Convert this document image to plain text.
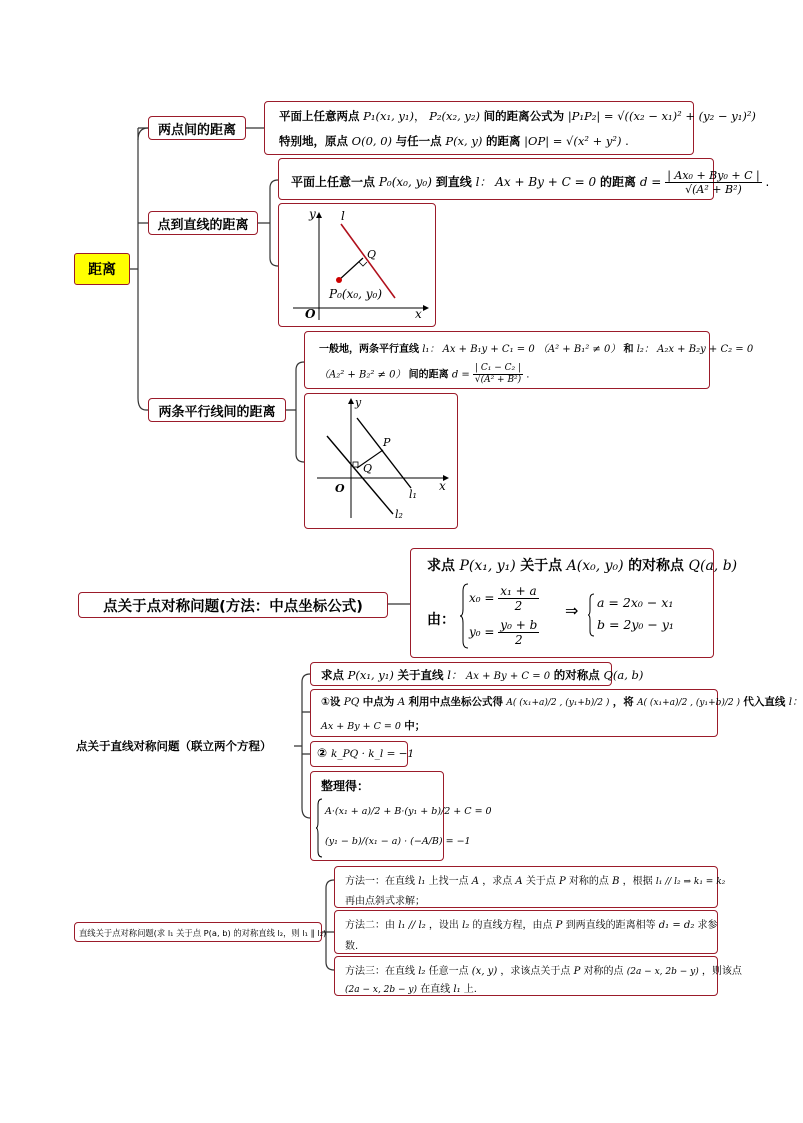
距离
两点间的距离
平面上任意两点 P₁(x₁, y₁)， P₂(x₂, y₂) 间的距离公式为 |P₁P₂| = √((x₂ − x₁)² + (y₂ − y₁)²)
特别地，原点 O(0, 0) 与任一点 P(x, y) 的距离 |OP| = √(x² + y²) .
点到直线的距离
平面上任意一点 P₀(x₀, y₀) 到直线 l： Ax + By + C = 0 的距离 $d = \frac{\text{| Ax₀ + By₀ + C |}}{\text{√(A² + B²)}}$ .
y
x
O
l
Q
P₀(x₀, y₀)
两条平行线间的距离
一般地，两条平行直线 l₁： Ax + B₁y + C₁ = 0 （A² + B₁² ≠ 0） 和 l₂： A₂x + B₂y + C₂ = 0
（A₂² + B₂² ≠ 0） 间的距离 $d = \frac{\text{| C₁ − C₂ |}}{\text{√(A² + B²)}}$ .
y
x
O
P
Q
l₁
l₂
点关于点对称问题(方法：中点坐标公式)
求点 P(x₁, y₁) 关于点 A(x₀, y₀) 的对称点 Q(a, b)
由：
$x_0 = \frac{\text{x₁ + a}}{2}$
$y_0 = \frac{\text{y₀ + b}}{2}$
⇒ a = 2x₀ − x₁
b = 2y₀ − y₁
点关于直线对称问题（联立两个方程）
求点 P(x₁, y₁) 关于直线 l： Ax + By + C = 0 的对称点 Q(a, b)
①设 PQ 中点为 A 利用中点坐标公式得 A( (x₁+a)/2 , (y₁+b)/2 ) ，将 A( (x₁+a)/2 , (y₁+b)/2 ) 代入直线 l：
Ax + By + C = 0 中；
② k_PQ · k_l = −1
整理得：
A·(x₁ + a)/2 + B·(y₁ + b)/2 + C = 0
(y₁ − b)/(x₁ − a) · (−A/B) = −1
直线关于点对称问题(求 l₁ 关于点 P(a, b) 的对称直线 l₂，则 l₁ ∥ l₂)
方法一：在直线 l₁ 上找一点 A ，求点 A 关于点 P 对称的点 B ，根据 l₁ // l₂ ⇒ k₁ = k₂
再由点斜式求解；
方法二：由 l₁ // l₂ ，设出 l₂ 的直线方程，由点 P 到两直线的距离相等 d₁ = d₂ 求参
数.
方法三：在直线 l₂ 任意一点 (x, y) ，求该点关于点 P 对称的点 (2a − x, 2b − y) ，则该点
(2a − x, 2b − y) 在直线 l₁ 上.
